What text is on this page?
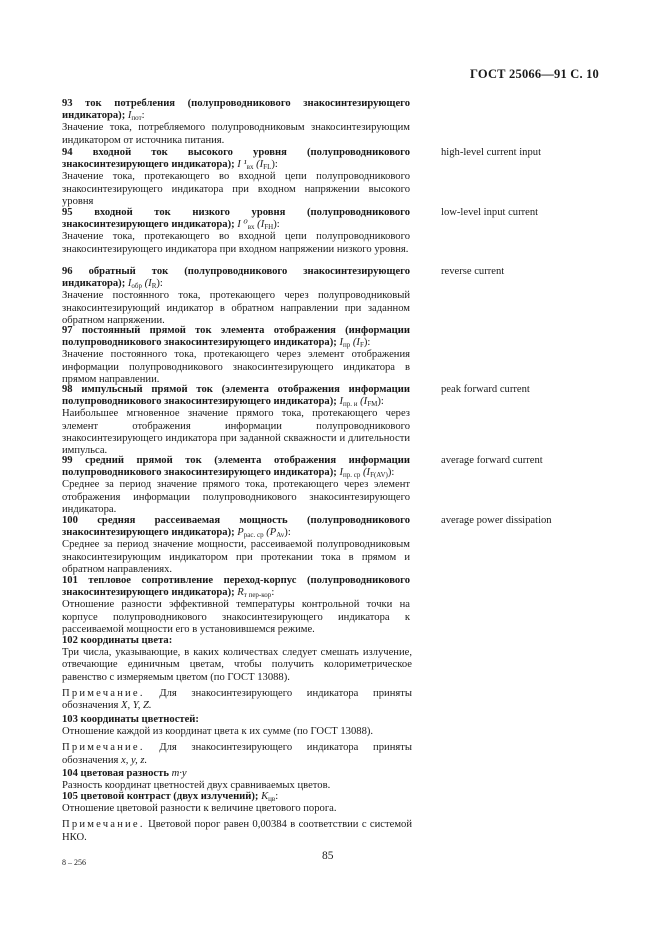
ГОСТ 25066—91 С. 10
93 ток потребления (полупроводникового знакосинтезирующего индикатора); $I_{пот}$:
Значение тока, потребляемого полупроводниковым знакосинтезирующим индикатором от источника питания.
94 входной ток высокого уровня (полупроводникового знакосинтезирующего индикатора); I $^1_{вх}$ $(I_{FL})$:
Значение тока, протекающего во входной цепи полупроводникового знакосинтезирующего индикатора при входном напряжении высокого уровня
high-level current input
95 входной ток низкого уровня (полупроводникового знакосинтезирующего индикатора); I $^0_{вх}$ $(I_{FH})$:
Значение тока, протекающего во входной цепи полупроводникового знакосинтезирующего индикатора при входном напряжении низкого уровня.
low-level input current
96 обратный ток (полупроводникового знакосинтезирующего индикатора); $I_{обр}$ $(I_R)$:
Значение постоянного тока, протекающего через полупроводниковый знакосинтезирующий индикатор в обратном направлении при заданном обратном напряжении.
reverse current
97 постоянный прямой ток элемента отображения (информации полупроводникового знакосинтезирующего индикатора); $I_{пр}$ $(I_F)$:
Значение постоянного тока, протекающего через элемент отображения информации полупроводникового знакосинтезирующего индикатора в прямом направлении.
98 импульсный прямой ток (элемента отображения информации полупроводникового знакосинтезирующего индикатора); $I_{пр. и}$ $(I_{FM})$:
Наибольшее мгновенное значение прямого тока, протекающего через элемент отображения информации полупроводникового знакосинтезирующего индикатора при заданной скважности и длительности импульса.
peak forward current
99 средний прямой ток (элемента отображения информации полупроводникового знакосинтезирующего индикатора); $I_{пр. ср}$ $(I_{F(AV)})$:
Среднее за период значение прямого тока, протекающего через элемент отображения информации полупроводникового знакосинтезирующего индикатора.
average forward current
100 средняя рассеиваемая мощность (полупроводникового знакосинтезирующего индикатора); $P_{рас. ср}$ $(P_{Av})$:
Среднее за период значение мощности, рассеиваемой полупроводниковым знакосинтезирующим индикатором при протекании тока в прямом и обратном направлениях.
average power dissipation
101 тепловое сопротивление переход-корпус (полупроводникового знакосинтезирующего индикатора); $R_{т пер-кор}$:
Отношение разности эффективной температуры контрольной точки на корпусе полупроводникового знакосинтезирующего индикатора к рассеиваемой мощности его в установившемся режиме.
102 координаты цвета:
Три числа, указывающие, в каких количествах следует смешать излучение, отвечающие единичным цветам, чтобы получить колориметрическое равенство с измеряемым цветом (по ГОСТ 13088).
Примечание. Для знакосинтезирующего индикатора приняты обозначения X, Y, Z.
103 координаты цветностей:
Отношение каждой из координат цвета к их сумме (по ГОСТ 13088).
Примечание. Для знакосинтезирующего индикатора приняты обозначения x, y, z.
104 цветовая разность m·y
Разность координат цветностей двух сравниваемых цветов.
105 цветовой контраст (двух излучений); $K_{цв}$:
Отношение цветовой разности к величине цветового порога.
Примечание. Цветовой порог равен 0,00384 в соответствии с системой НКО.
8 – 256
85
